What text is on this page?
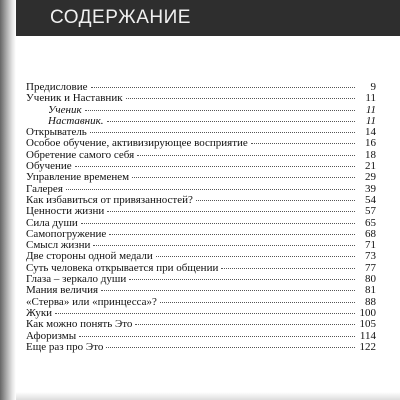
СОДЕРЖАНИЕ
Предисловие	9
Ученик и Наставник	11
Ученик	11
Наставник.	11
Открыватель	14
Особое обучение, активизирующее восприятие	16
Обретение самого себя	18
Обучение	21
Управление временем	29
Галерея	39
Как избавиться от привязанностей?	54
Ценности жизни	57
Сила души	65
Самопогружение	68
Смысл жизни	71
Две стороны одной медали	73
Суть человека открывается при общении	77
Глаза – зеркало души	80
Мания величия	81
«Стерва» или «принцесса»?	88
Жуки	100
Как можно понять Это	105
Афоризмы	114
Еще раз про Это	122
